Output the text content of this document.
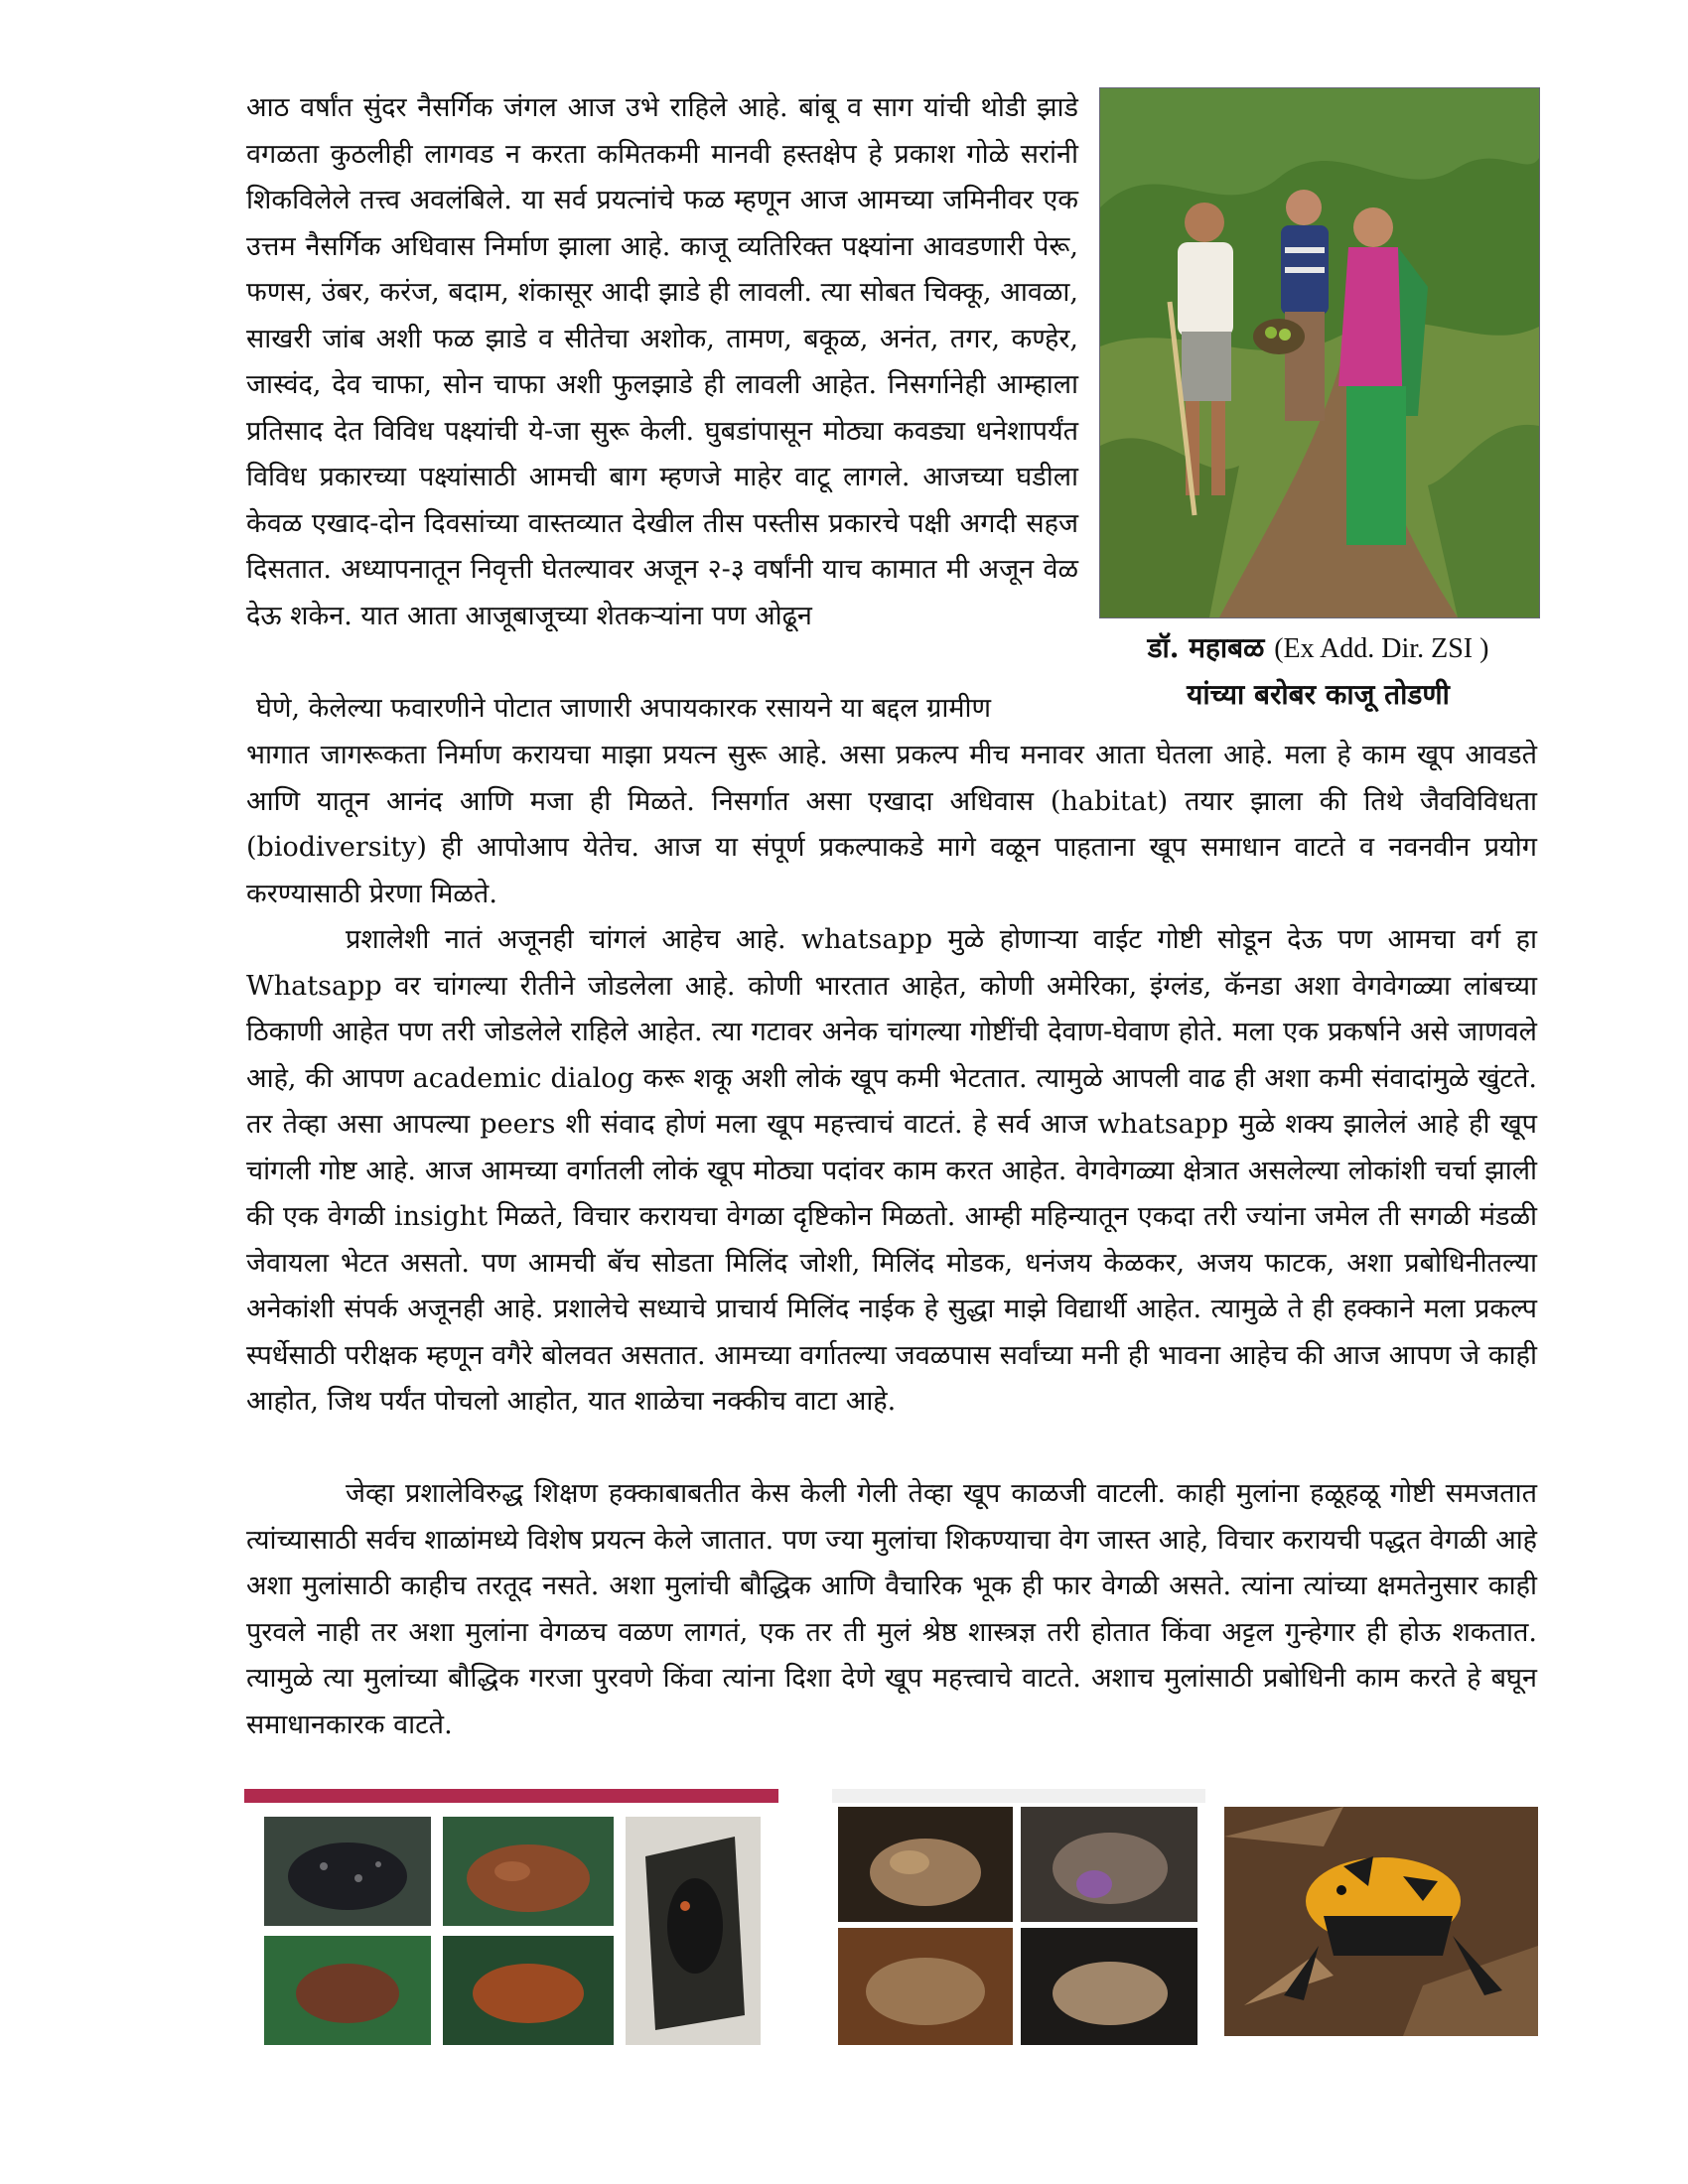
आठ वर्षांत सुंदर नैसर्गिक जंगल आज उभे राहिले आहे. बांबू व साग यांची थोडी झाडे वगळता कुठलीही लागवड न करता कमितकमी मानवी हस्तक्षेप हे प्रकाश गोळे सरांनी शिकविलेले तत्त्व अवलंबिले. या सर्व प्रयत्नांचे फळ म्हणून आज आमच्या जमिनीवर एक उत्तम नैसर्गिक अधिवास निर्माण झाला आहे. काजू व्यतिरिक्त पक्ष्यांना आवडणारी पेरू, फणस, उंबर, करंज, बदाम, शंकासूर आदी झाडे ही लावली. त्या सोबत चिक्कू, आवळा, साखरी जांब अशी फळ झाडे व सीतेचा अशोक, तामण, बकूळ, अनंत, तगर, कण्हेर, जास्वंद, देव चाफा, सोन चाफा अशी फुलझाडे ही लावली आहेत. निसर्गानेही आम्हाला प्रतिसाद देत विविध पक्ष्यांची ये-जा सुरू केली. घुबडांपासून मोठ्या कवड्या धनेशापर्यंत विविध प्रकारच्या पक्ष्यांसाठी आमची बाग म्हणजे माहेर वाटू लागले. आजच्या घडीला केवळ एखाद-दोन दिवसांच्या वास्तव्यात देखील तीस पस्तीस प्रकारचे पक्षी अगदी सहज दिसतात. अध्यापनातून निवृत्ती घेतल्यावर अजून २-३ वर्षांनी याच कामात मी अजून वेळ देऊ शकेन. यात आता आजूबाजूच्या शेतकऱ्यांना पण ओढून

घेणे, केलेल्या फवारणीने पोटात जाणारी अपायकारक रसायने या बद्दल ग्रामीण

भागात जागरूकता निर्माण करायचा माझा प्रयत्न सुरू आहे. असा प्रकल्प मीच मनावर आता घेतला आहे. मला हे काम खूप आवडते आणि यातून आनंद आणि मजा ही मिळते. निसर्गात असा एखादा अधिवास (habitat) तयार झाला की तिथे जैवविविधता (biodiversity) ही आपोआप येतेच. आज या संपूर्ण प्रकल्पाकडे मागे वळून पाहताना खूप समाधान वाटते व नवनवीन प्रयोग करण्यासाठी प्रेरणा मिळते.

डॉ. महाबळ (Ex Add. Dir. ZSI )
यांच्या बरोबर काजू तोडणी

प्रशालेशी नातं अजूनही चांगलं आहेच आहे. whatsapp मुळे होणाऱ्या वाईट गोष्टी सोडून देऊ पण आमचा वर्ग हा Whatsapp वर चांगल्या रीतीने जोडलेला आहे. कोणी भारतात आहेत, कोणी अमेरिका, इंग्लंड, कॅनडा अशा वेगवेगळ्या लांबच्या ठिकाणी आहेत पण तरी जोडलेले राहिले आहेत. त्या गटावर अनेक चांगल्या गोष्टींची देवाण-घेवाण होते. मला एक प्रकर्षाने असे जाणवले आहे, की आपण academic dialog करू शकू अशी लोकं खूप कमी भेटतात. त्यामुळे आपली वाढ ही अशा कमी संवादांमुळे खुंटते. तर तेव्हा असा आपल्या peers शी संवाद होणं मला खूप महत्त्वाचं वाटतं. हे सर्व आज whatsapp मुळे शक्य झालेलं आहे ही खूप चांगली गोष्ट आहे. आज आमच्या वर्गातली लोकं खूप मोठ्या पदांवर काम करत आहेत. वेगवेगळ्या क्षेत्रात असलेल्या लोकांशी चर्चा झाली की एक वेगळी insight मिळते, विचार करायचा वेगळा दृष्टिकोन मिळतो. आम्ही महिन्यातून एकदा तरी ज्यांना जमेल ती सगळी मंडळी जेवायला भेटत असतो. पण आमची बॅच सोडता मिलिंद जोशी, मिलिंद मोडक, धनंजय केळकर, अजय फाटक, अशा प्रबोधिनीतल्या अनेकांशी संपर्क अजूनही आहे. प्रशालेचे सध्याचे प्राचार्य मिलिंद नाईक हे सुद्धा माझे विद्यार्थी आहेत. त्यामुळे ते ही हक्काने मला प्रकल्प स्पर्धेसाठी परीक्षक म्हणून वगैरे बोलवत असतात. आमच्या वर्गातल्या जवळपास सर्वांच्या मनी ही भावना आहेच की आज आपण जे काही आहोत, जिथ पर्यंत पोचलो आहोत, यात शाळेचा नक्कीच वाटा आहे.

जेव्हा प्रशालेविरुद्ध शिक्षण हक्काबाबतीत केस केली गेली तेव्हा खूप काळजी वाटली. काही मुलांना हळूहळू गोष्टी समजतात त्यांच्यासाठी सर्वच शाळांमध्ये विशेष प्रयत्न केले जातात. पण ज्या मुलांचा शिकण्याचा वेग जास्त आहे, विचार करायची पद्धत वेगळी आहे अशा मुलांसाठी काहीच तरतूद नसते. अशा मुलांची बौद्धिक आणि वैचारिक भूक ही फार वेगळी असते. त्यांना त्यांच्या क्षमतेनुसार काही पुरवले नाही तर अशा मुलांना वेगळच वळण लागतं, एक तर ती मुलं श्रेष्ठ शास्त्रज्ञ तरी होतात किंवा अट्टल गुन्हेगार ही होऊ शकतात. त्यामुळे त्या मुलांच्या बौद्धिक गरजा पुरवणे किंवा त्यांना दिशा देणे खूप महत्त्वाचे वाटते. अशाच मुलांसाठी प्रबोधिनी काम करते हे बघून समाधानकारक वाटते.
